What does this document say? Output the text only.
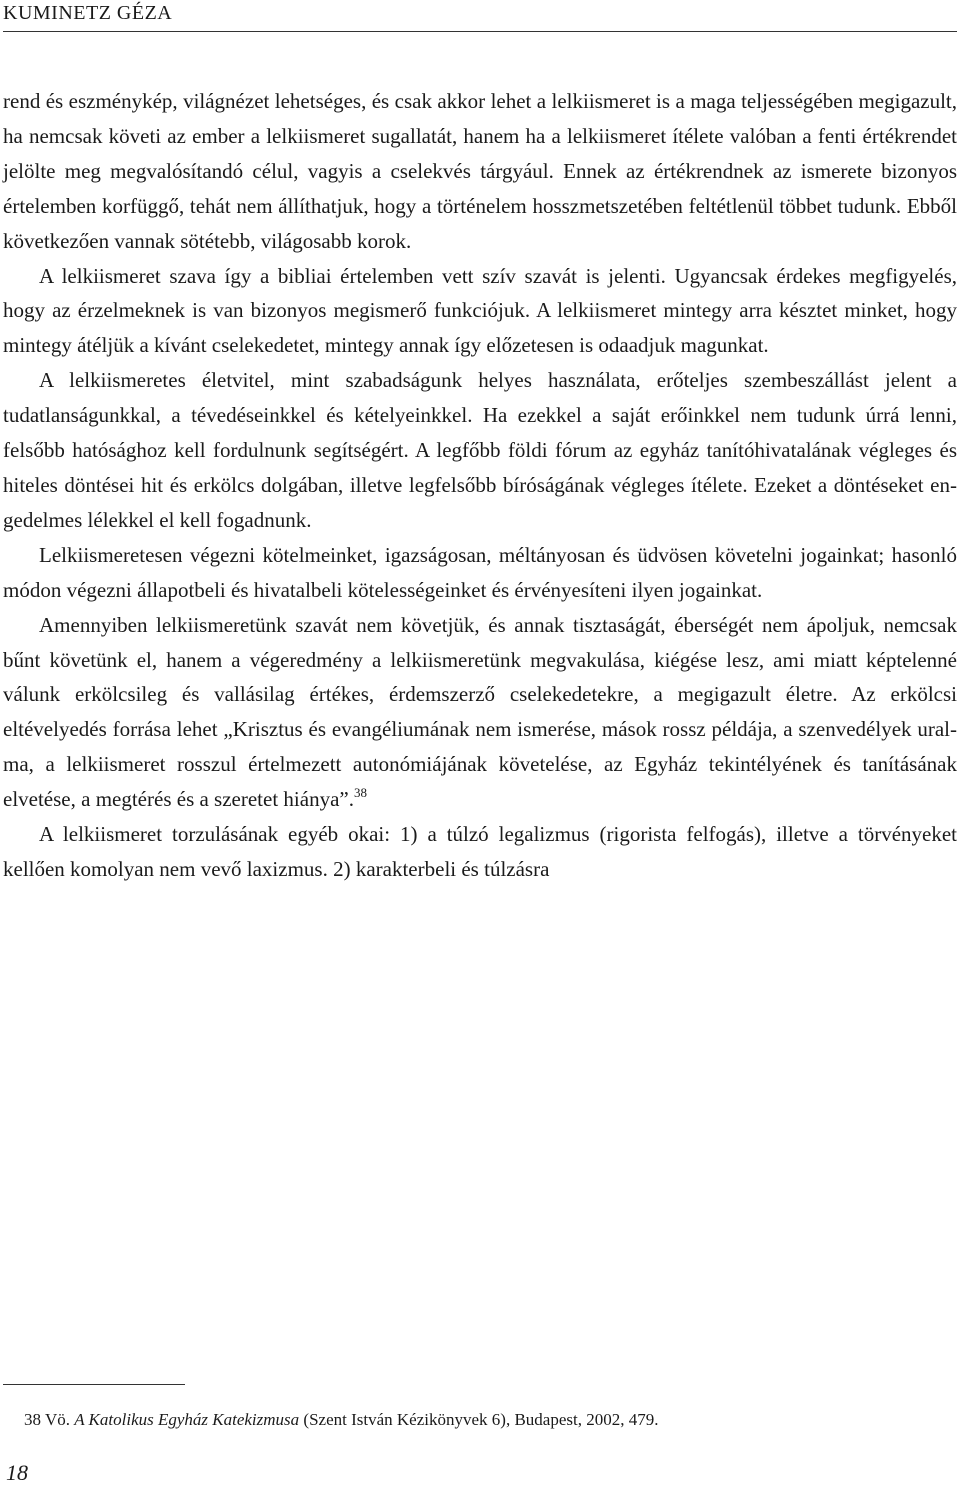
KUMINETZ GÉZA

rend és eszménykép, világnézet lehetséges, és csak akkor lehet a lelkiismeret is a maga teljességében megigazult, ha nemcsak követi az ember a lelkiismeret sugallatát, hanem ha a lelkiismeret ítélete valóban a fenti értékrendet jelölte meg megvalósítandó célul, vagyis a cselekvés tárgyául. Ennek az értékrendnek az ismerete bizonyos értelemben korfüggő, tehát nem állíthatjuk, hogy a történelem hosszmetszetében feltétlenül többet tudunk. Ebből következően vannak sötétebb, világosabb korok.

A lelkiismeret szava így a bibliai értelemben vett szív szavát is jelenti. Ugyancsak érdekes megfigyelés, hogy az érzelmeknek is van bizonyos megismerő funkciójuk. A lelkiismeret mintegy arra késztet minket, hogy mintegy átéljük a kívánt cselekedetet, mintegy annak így előzetesen is odaadjuk magunkat.

A lelkiismeretes életvitel, mint szabadságunk helyes használata, erőteljes szembeszállást jelent a tudatlanságunkkal, a tévedéseinkkel és kételyeinkkel. Ha ezekkel a saját erőinkkel nem tudunk úrrá lenni, felsőbb hatósághoz kell fordulnunk segítségért. A legfőbb földi fórum az egyház tanítóhivatalának végleges és hiteles döntései hit és erkölcs dolgában, illetve legfelsőbb bíróságának végleges ítélete. Ezeket a döntéseket engedelmes lélekkel el kell fogadnunk.

Lelkiismeretesen végezni kötelmeinket, igazságosan, méltányosan és üdvösen követelni jogainkat; hasonló módon végezni állapotbeli és hivatalbeli kötelességeinket és érvényesíteni ilyen jogainkat.

Amennyiben lelkiismeretünk szavát nem követjük, és annak tisztaságát, éberségét nem ápoljuk, nemcsak bűnt követünk el, hanem a végeredmény a lelkiismeretünk megvakulása, kiégése lesz, ami miatt képtelenné válunk erkölcsileg és vallásilag értékes, érdemszerző cselekedetekre, a megigazult életre. Az erkölcsi eltévelyedés forrása lehet „Krisztus és evangéliumának nem ismerése, mások rossz példája, a szenvedélyek uralma, a lelkiismeret rosszul értelmezett autonómiájának követelése, az Egyház tekintélyének és tanításának elvetése, a megtérés és a szeretet hiánya”.$^{38}$

A lelkiismeret torzulásának egyéb okai: 1) a túlzó legalizmus (rigorista felfogás), illetve a törvényeket kellően komolyan nem vevő laxizmus. 2) karakterbeli és túlzásra

38 Vö. A Katolikus Egyház Katekizmusa (Szent István Kézikönyvek 6), Budapest, 2002, 479.
18
